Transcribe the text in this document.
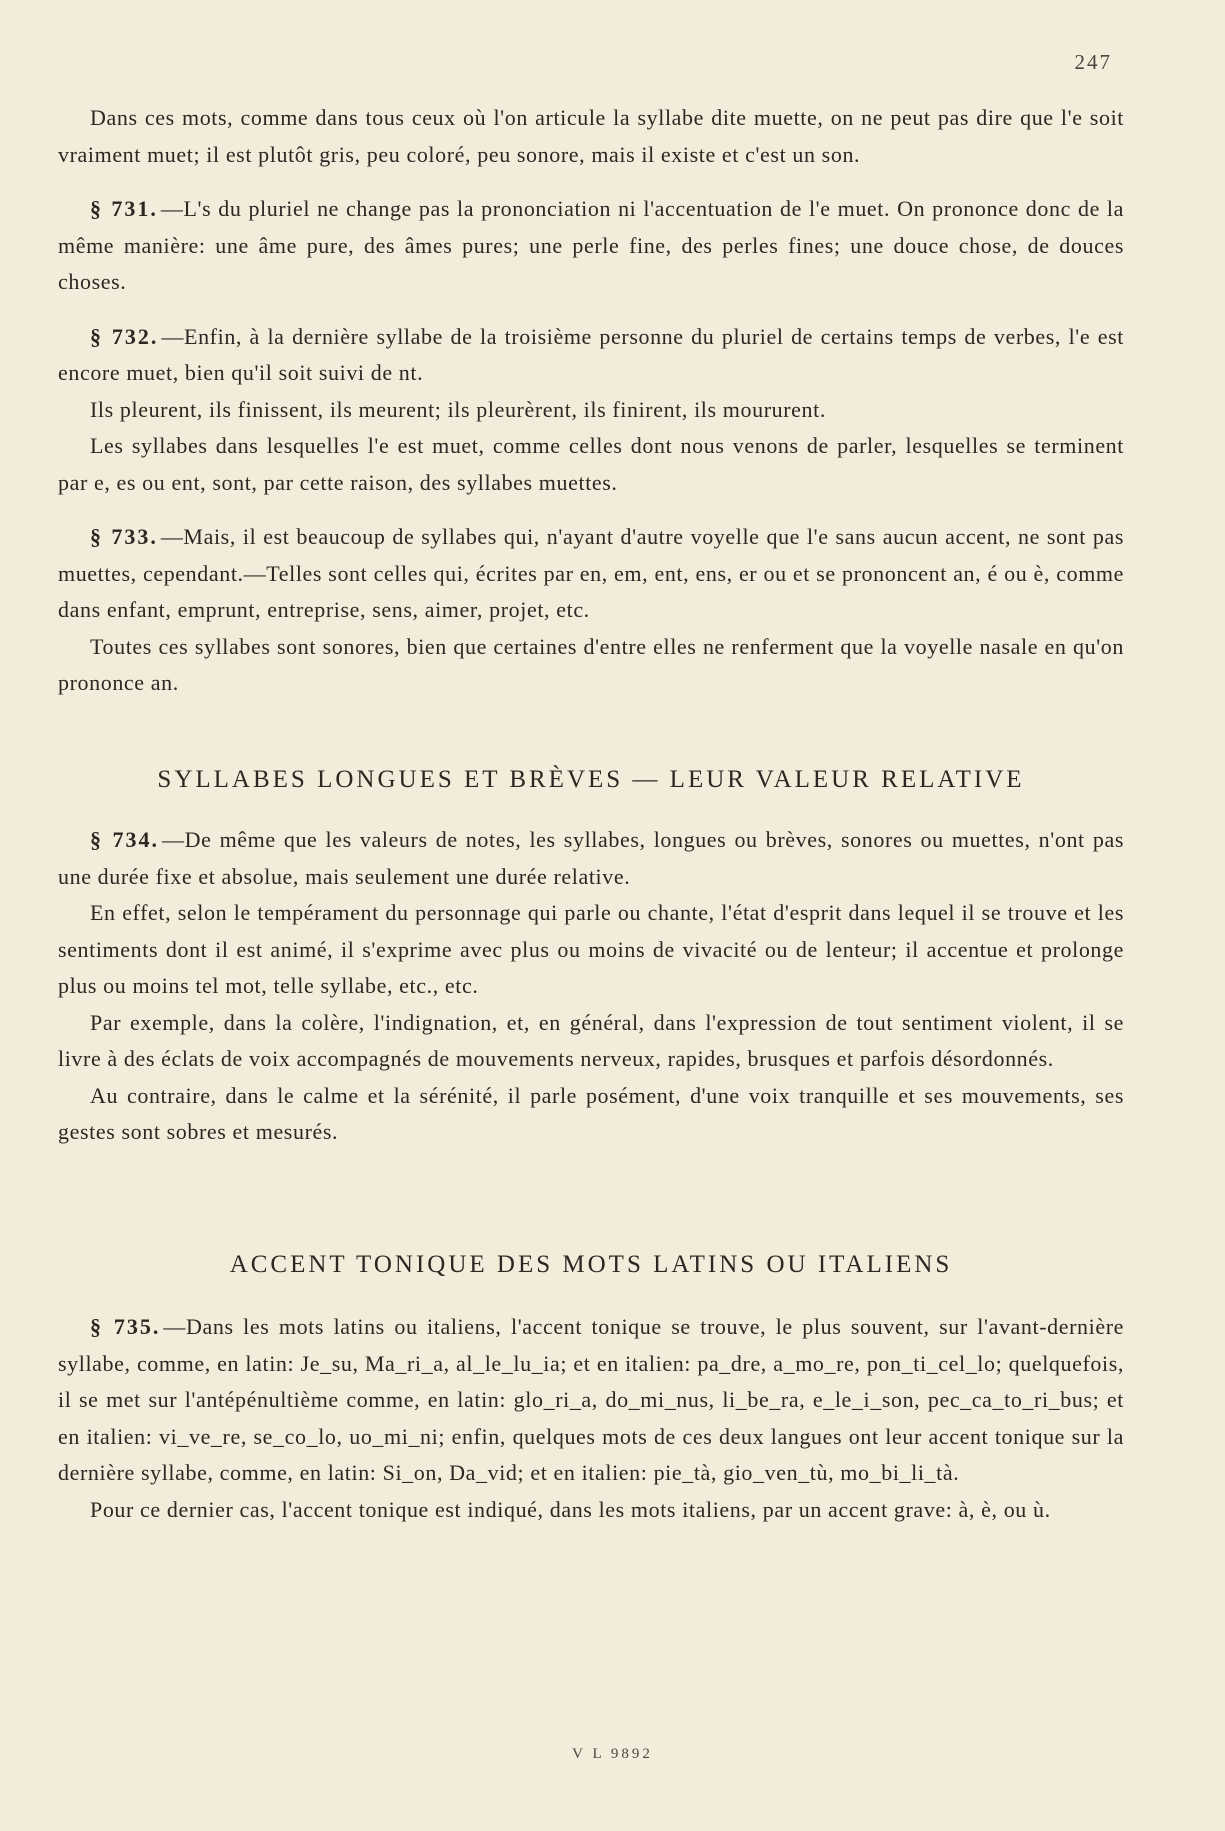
247

Dans ces mots, comme dans tous ceux où l'on articule la syllabe dite muette, on ne peut pas dire que l'e soit vraiment muet; il est plutôt gris, peu coloré, peu sonore, mais il existe et c'est un son.

§ 731. —L's du pluriel ne change pas la prononciation ni l'accentuation de l'e muet. On prononce donc de la même manière: une âme pure, des âmes pures; une perle fine, des perles fines; une douce chose, de douces choses.

§ 732. —Enfin, à la dernière syllabe de la troisième personne du pluriel de certains temps de verbes, l'e est encore muet, bien qu'il soit suivi de nt.

Ils pleurent, ils finissent, ils meurent; ils pleurèrent, ils finirent, ils moururent.

Les syllabes dans lesquelles l'e est muet, comme celles dont nous venons de parler, lesquelles se terminent par e, es ou ent, sont, par cette raison, des syllabes muettes.

§ 733. —Mais, il est beaucoup de syllabes qui, n'ayant d'autre voyelle que l'e sans aucun accent, ne sont pas muettes, cependant.—Telles sont celles qui, écrites par en, em, ent, ens, er ou et se prononcent an, é ou è, comme dans enfant, emprunt, entreprise, sens, aimer, projet, etc.

Toutes ces syllabes sont sonores, bien que certaines d'entre elles ne renferment que la voyelle nasale en qu'on prononce an.

SYLLABES LONGUES ET BRÈVES — LEUR VALEUR RELATIVE

§ 734. —De même que les valeurs de notes, les syllabes, longues ou brèves, sonores ou muettes, n'ont pas une durée fixe et absolue, mais seulement une durée relative.

En effet, selon le tempérament du personnage qui parle ou chante, l'état d'esprit dans lequel il se trouve et les sentiments dont il est animé, il s'exprime avec plus ou moins de vivacité ou de lenteur; il accentue et prolonge plus ou moins tel mot, telle syllabe, etc., etc.

Par exemple, dans la colère, l'indignation, et, en général, dans l'expression de tout sentiment violent, il se livre à des éclats de voix accompagnés de mouvements nerveux, rapides, brusques et parfois désordonnés.

Au contraire, dans le calme et la sérénité, il parle posément, d'une voix tranquille et ses mouvements, ses gestes sont sobres et mesurés.

ACCENT TONIQUE DES MOTS LATINS OU ITALIENS

§ 735. —Dans les mots latins ou italiens, l'accent tonique se trouve, le plus souvent, sur l'avant-dernière syllabe, comme, en latin: Je_su, Ma_ri_a, al_le_lu_ia; et en italien: pa_dre, a_mo_re, pon_ti_cel_lo; quelquefois, il se met sur l'antépénultième comme, en latin: glo_ri_a, do_mi_nus, li_be_ra, e_le_i_son, pec_ca_to_ri_bus; et en italien: vi_ve_re, se_co_lo, uo_mi_ni; enfin, quelques mots de ces deux langues ont leur accent tonique sur la dernière syllabe, comme, en latin: Si_on, Da_vid; et en italien: pie_tà, gio_ven_tù, mo_bi_li_tà.

Pour ce dernier cas, l'accent tonique est indiqué, dans les mots italiens, par un accent grave: à, è, ou ù.

V L 9892
